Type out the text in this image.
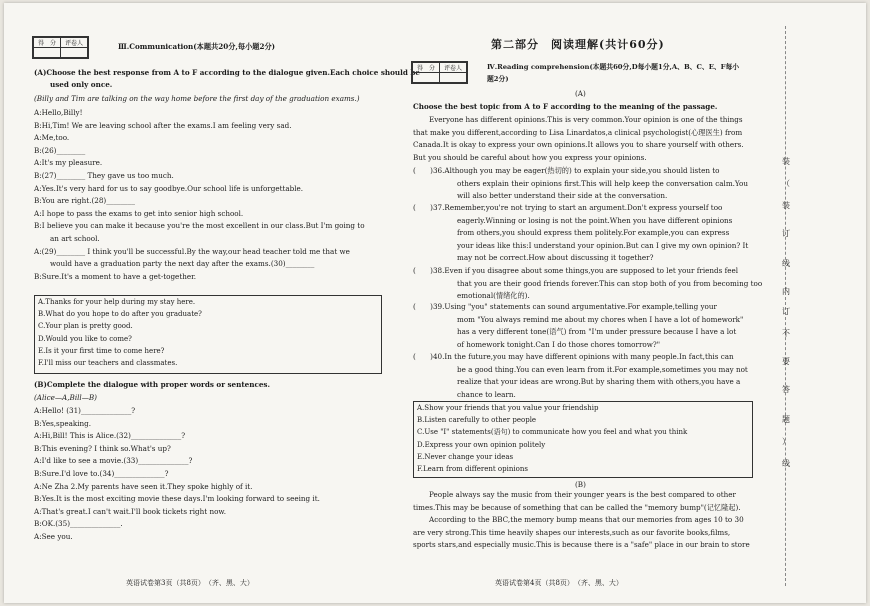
得　分	评卷人
		Ⅲ.Communication(本题共20分,每小题2分)
(A)Choose the best response from A to F according to the dialogue given.Each choice should be
used only once.
(Billy and Tim are talking on the way home before the first day of the graduation exams.)
A:Hello,Billy!
B:Hi,Tim! We are leaving school after the exams.I am feeling very sad.
A:Me,too.
B:(26)________
A:It's my pleasure.
B:(27)________ They gave us too much.
A:Yes.It's very hard for us to say goodbye.Our school life is unforgettable.
B:You are right.(28)________
A:I hope to pass the exams to get into senior high school.
B:I believe you can make it because you're the most excellent in our class.But I'm going to
an art school.
A:(29)________ I think you'll be successful.By the way,our head teacher told me that we
would have a graduation party the next day after the exams.(30)________
B:Sure.It's a moment to have a get-together.
A.Thanks for your help during my stay here.
B.What do you hope to do after you graduate?
C.Your plan is pretty good.
D.Would you like to come?
E.Is it your first time to come here?
F.I'll miss our teachers and classmates.
(B)Complete the dialogue with proper words or sentences.
(Alice—A,Bill—B)
A:Hello! (31)______________?
B:Yes,speaking.
A:Hi,Bill! This is Alice.(32)______________?
B:This evening? I think so.What's up?
A:I'd like to see a movie.(33)______________?
B:Sure.I'd love to.(34)______________?
A:Ne Zha 2.My parents have seen it.They spoke highly of it.
B:Yes.It is the most exciting movie these days.I'm looking forward to seeing it.
A:That's great.I can't wait.I'll book tickets right now.
B:OK.(35)______________.
A:See you.
英语试卷第3页（共8页）　（齐、黑、大）
第二部分　阅读理解(共计60分)
得　分	评卷人
		Ⅳ.Reading comprehension(本题共60分,D每小题1分,A、B、C、E、F每小
题2分)
(A)
Choose the best topic from A to F according to the meaning of the passage.
Everyone has different opinions.This is very common.Your opinion is one of the things
that make you different,according to Lisa Linardatos,a clinical psychologist(心理医生) from
Canada.It is okay to express your own opinions.It allows you to share yourself with others.
But you should be careful about how you express your opinions.
(　　)36.Although you may be eager(热切的) to explain your side,you should listen to
others explain their opinions first.This will help keep the conversation calm.You
will also better understand their side at the conversation.
(　　)37.Remember,you're not trying to start an argument.Don't express yourself too
eagerly.Winning or losing is not the point.When you have different opinions
from others,you should express them politely.For example,you can express
your ideas like this:I understand your opinion.But can I give my own opinion? It
may not be correct.How about discussing it together?
(　　)38.Even if you disagree about some things,you are supposed to let your friends feel
that you are their good friends forever.This can stop both of you from becoming too
emotional(情绪化的).
(　　)39.Using "you" statements can sound argumentative.For example,telling your
mom "You always remind me about my chores when I have a lot of homework"
has a very different tone(语气) from "I'm under pressure because I have a lot
of homework tonight.Can I do those chores tomorrow?"
(　　)40.In the future,you may have different opinions with many people.In fact,this can
be a good thing.You can even learn from it.For example,sometimes you may not
realize that your ideas are wrong.But by sharing them with others,you have a
chance to learn.
A.Show your friends that you value your friendship
B.Listen carefully to other people
C.Use "I" statements(语句) to communicate how you feel and what you think
D.Express your own opinion politely
E.Never change your ideas
F.Learn from different opinions
(B)
People always say the music from their younger years is the best compared to other
times.This may be because of something that can be called the "memory bump"(记忆隆起).
According to the BBC,the memory bump means that our memories from ages 10 to 30
are very strong.This time heavily shapes our interests,such as our favorite books,films,
sports stars,and especially music.This is because there is a "safe" place in our brain to store
英语试卷第4页（共8页）　（齐、黑、大）
装
（
装
订
线
内
订
不
要
答
题
）
线
